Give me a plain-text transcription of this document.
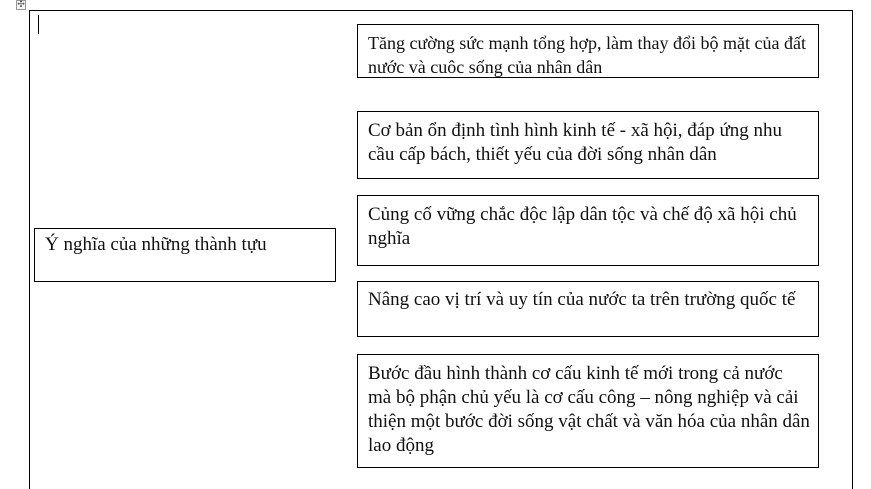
✣
Ý nghĩa của những thành tựu
Tăng cường sức mạnh tổng hợp, làm thay đổi bộ mặt của đất nước và cuôc sống của nhân dân
Cơ bản ổn định tình hình kinh tế - xã hội, đáp ứng nhu cầu cấp bách, thiết yếu của đời sống nhân dân
Củng cố vững chắc độc lập dân tộc và chế độ xã hội chủ nghĩa
Nâng cao vị trí và uy tín của nước ta trên trường quốc tế
Bước đầu hình thành cơ cấu kinh tế mới trong cả nước mà bộ phận chủ yếu là cơ cấu công – nông nghiệp và cải thiện một bước đời sống vật chất và văn hóa của nhân dân lao động
